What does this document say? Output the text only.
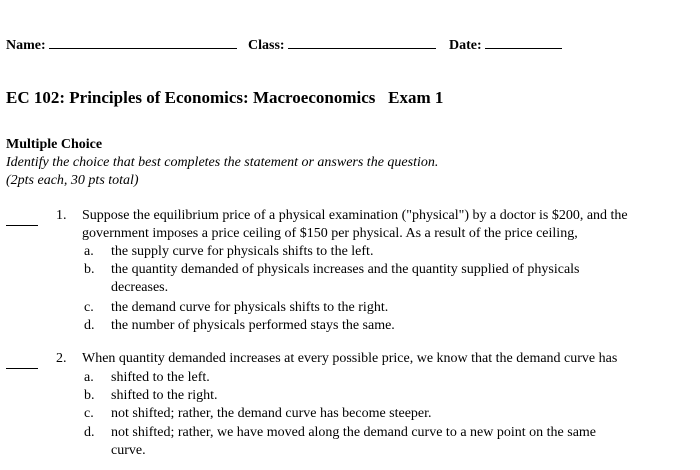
Name:	Class:	Date:
EC 102: Principles of Economics: Macroeconomics   Exam 1
Multiple Choice
Identify the choice that best completes the statement or answers the question.
(2pts each, 30 pts total)
1. Suppose the equilibrium price of a physical examination ("physical") by a doctor is $200, and the
government imposes a price ceiling of $150 per physical. As a result of the price ceiling,
a. the supply curve for physicals shifts to the left.
b. the quantity demanded of physicals increases and the quantity supplied of physicals
decreases.
c. the demand curve for physicals shifts to the right.
d. the number of physicals performed stays the same.
2. When quantity demanded increases at every possible price, we know that the demand curve has
a. shifted to the left.
b. shifted to the right.
c. not shifted; rather, the demand curve has become steeper.
d. not shifted; rather, we have moved along the demand curve to a new point on the same
curve.
